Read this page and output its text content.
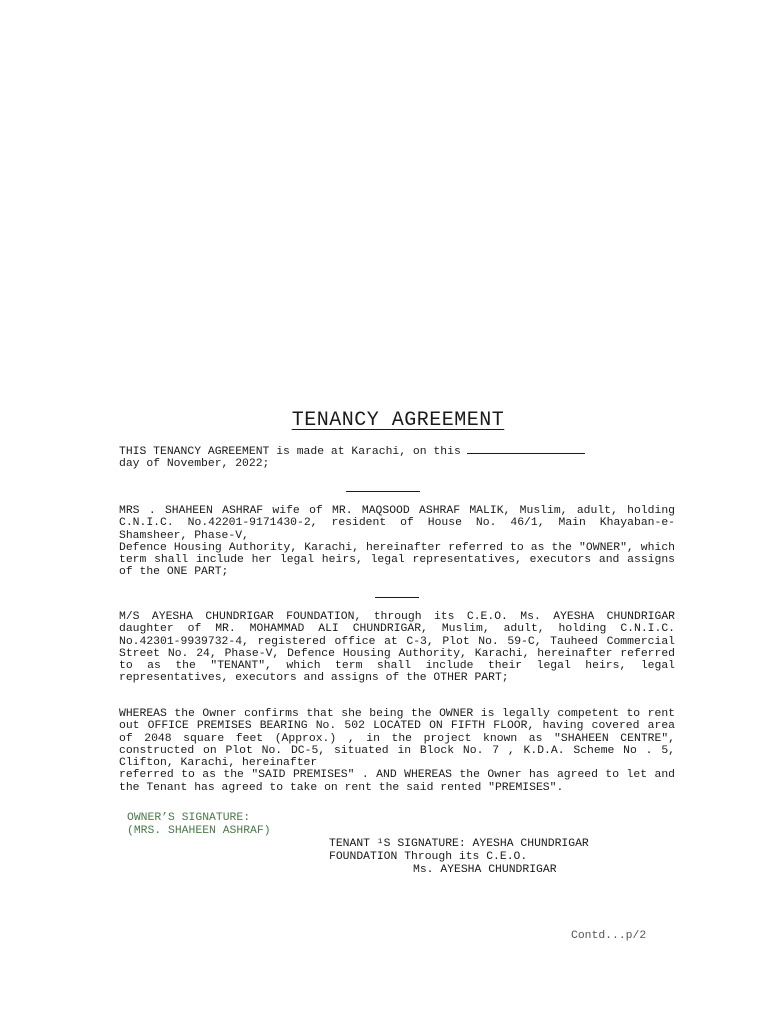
TENANCY AGREEMENT
THIS TENANCY AGREEMENT is made at Karachi, on this
day of November, 2022;
MRS . SHAHEEN ASHRAF wife of MR. MAQSOOD ASHRAF MALIK, Muslim, adult, holding C.N.I.C. No.42201-9171430-2, resident of House No. 46/1, Main Khayaban-e-Shamsheer, Phase-V,
Defence Housing Authority, Karachi, hereinafter referred to as the "OWNER", which term shall include her legal heirs, legal representatives, executors and assigns of the ONE PART;
M/S AYESHA CHUNDRIGAR FOUNDATION, through its C.E.O. Ms. AYESHA CHUNDRIGAR daughter of MR. MOHAMMAD ALI CHUNDRIGAR, Muslim, adult, holding C.N.I.C. No.42301-9939732-4, registered office at C-3, Plot No. 59-C, Tauheed Commercial Street No. 24, Phase-V, Defence Housing Authority, Karachi, hereinafter referred to as the "TENANT", which term shall include their legal heirs, legal representatives, executors and assigns of the OTHER PART;
WHEREAS the Owner confirms that she being the OWNER is legally competent to rent out OFFICE PREMISES BEARING No. 502 LOCATED ON FIFTH FLOOR, having covered area of 2048 square feet (Approx.) , in the project known as "SHAHEEN CENTRE", constructed on Plot No. DC-5, situated in Block No. 7 , K.D.A. Scheme No . 5, Clifton, Karachi, hereinafter
referred to as the "SAID PREMISES" . AND WHEREAS the Owner has agreed to let and the Tenant has agreed to take on rent the said rented "PREMISES".
OWNER’S SIGNATURE:
(MRS. SHAHEEN ASHRAF)
TENANT ¹S SIGNATURE: AYESHA CHUNDRIGAR
FOUNDATION Through its C.E.O.
Ms. AYESHA CHUNDRIGAR
Contd...p/2
